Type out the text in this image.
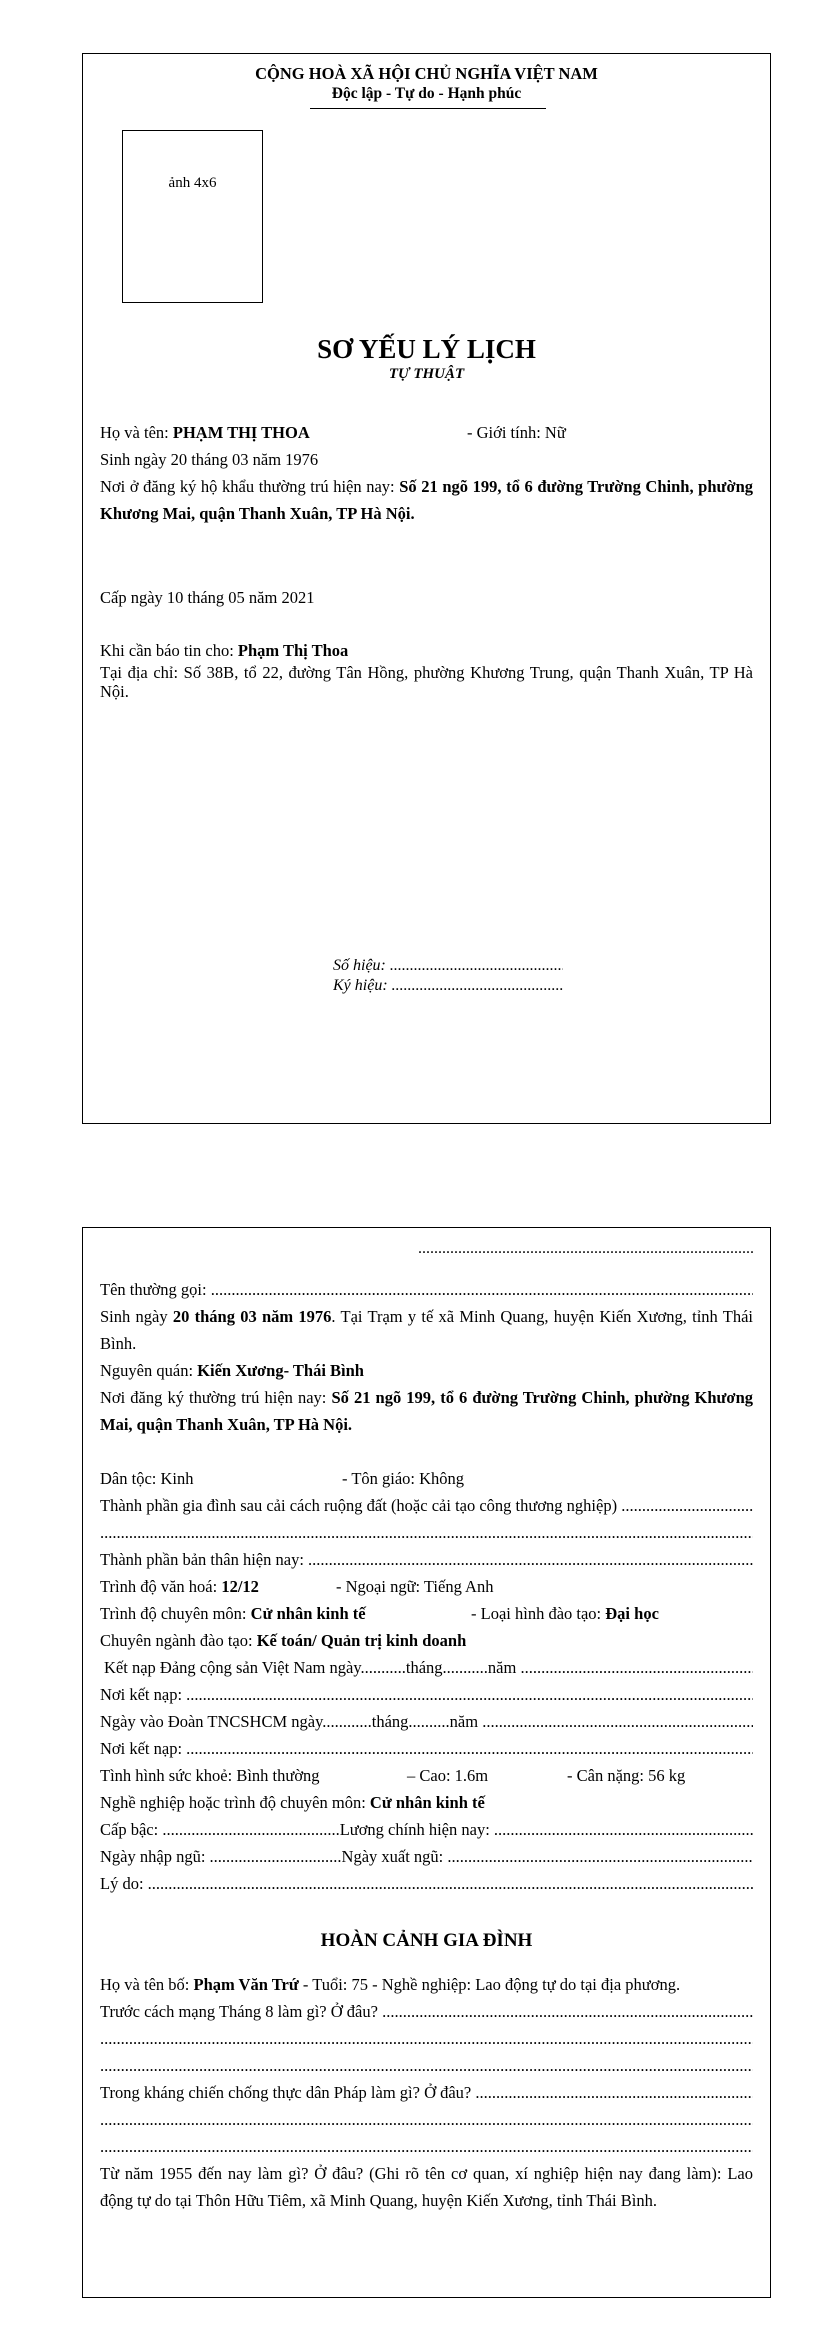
CỘNG HOÀ XÃ HỘI CHỦ NGHĨA VIỆT NAM
Độc lập - Tự do - Hạnh phúc
ảnh 4x6
SƠ YẾU LÝ LỊCH
TỰ THUẬT
Họ và tên: PHẠM THỊ THOA	- Giới tính: Nữ
Sinh ngày 20 tháng 03 năm 1976
Nơi ở đăng ký hộ khẩu thường trú hiện nay: Số 21 ngõ 199, tổ 6 đường Trường Chinh, phường Khương Mai, quận Thanh Xuân, TP Hà Nội.
Cấp ngày 10 tháng 05 năm 2021
Khi cần báo tin cho: Phạm Thị Thoa
Tại địa chỉ: Số 38B, tổ 22, đường Tân Hồng, phường Khương Trung, quận Thanh Xuân, TP Hà Nội.
Số hiệu: .....
Ký hiệu: .....
.....
Tên thường gọi: .....
Sinh ngày 20 tháng 03 năm 1976. Tại Trạm y tế xã Minh Quang, huyện Kiến Xương, tỉnh Thái Bình.
Nguyên quán: Kiến Xương- Thái Bình
Nơi đăng ký thường trú hiện nay: Số 21 ngõ 199, tổ 6 đường Trường Chinh, phường Khương Mai, quận Thanh Xuân, TP Hà Nội.
Dân tộc: Kinh	- Tôn giáo: Không
Thành phần gia đình sau cải cách ruộng đất (hoặc cải tạo công thương nghiệp) .....
.....
Thành phần bản thân hiện nay: .....
Trình độ văn hoá: 12/12	- Ngoại ngữ: Tiếng Anh
Trình độ chuyên môn: Cử nhân kinh tế	- Loại hình đào tạo: Đại học
Chuyên ngành đào tạo: Kế toán/ Quản trị kinh doanh
Kết nạp Đảng cộng sản Việt Nam ngày...........tháng...........năm .....
Nơi kết nạp: .....
Ngày vào Đoàn TNCSHCM ngày............tháng..........năm .....
Nơi kết nạp: .....
Tình hình sức khoẻ: Bình thường	– Cao: 1.6m	- Cân nặng: 56 kg
Nghề nghiệp hoặc trình độ chuyên môn: Cử nhân kinh tế
Cấp bậc: ...........................................Lương chính hiện nay: .....
Ngày nhập ngũ: ................................Ngày xuất ngũ: .....
Lý do: .....
HOÀN CẢNH GIA ĐÌNH
Họ và tên bố: Phạm Văn Trứ - Tuổi: 75 - Nghề nghiệp: Lao động tự do tại địa phương.
Trước cách mạng Tháng 8 làm gì? Ở đâu? .....
.....
.....
Trong kháng chiến chống thực dân Pháp làm gì? Ở đâu? .....
.....
.....
Từ năm 1955 đến nay làm gì? Ở đâu? (Ghi rõ tên cơ quan, xí nghiệp hiện nay đang làm): Lao động tự do tại Thôn Hữu Tiêm, xã Minh Quang, huyện Kiến Xương, tỉnh Thái Bình.
